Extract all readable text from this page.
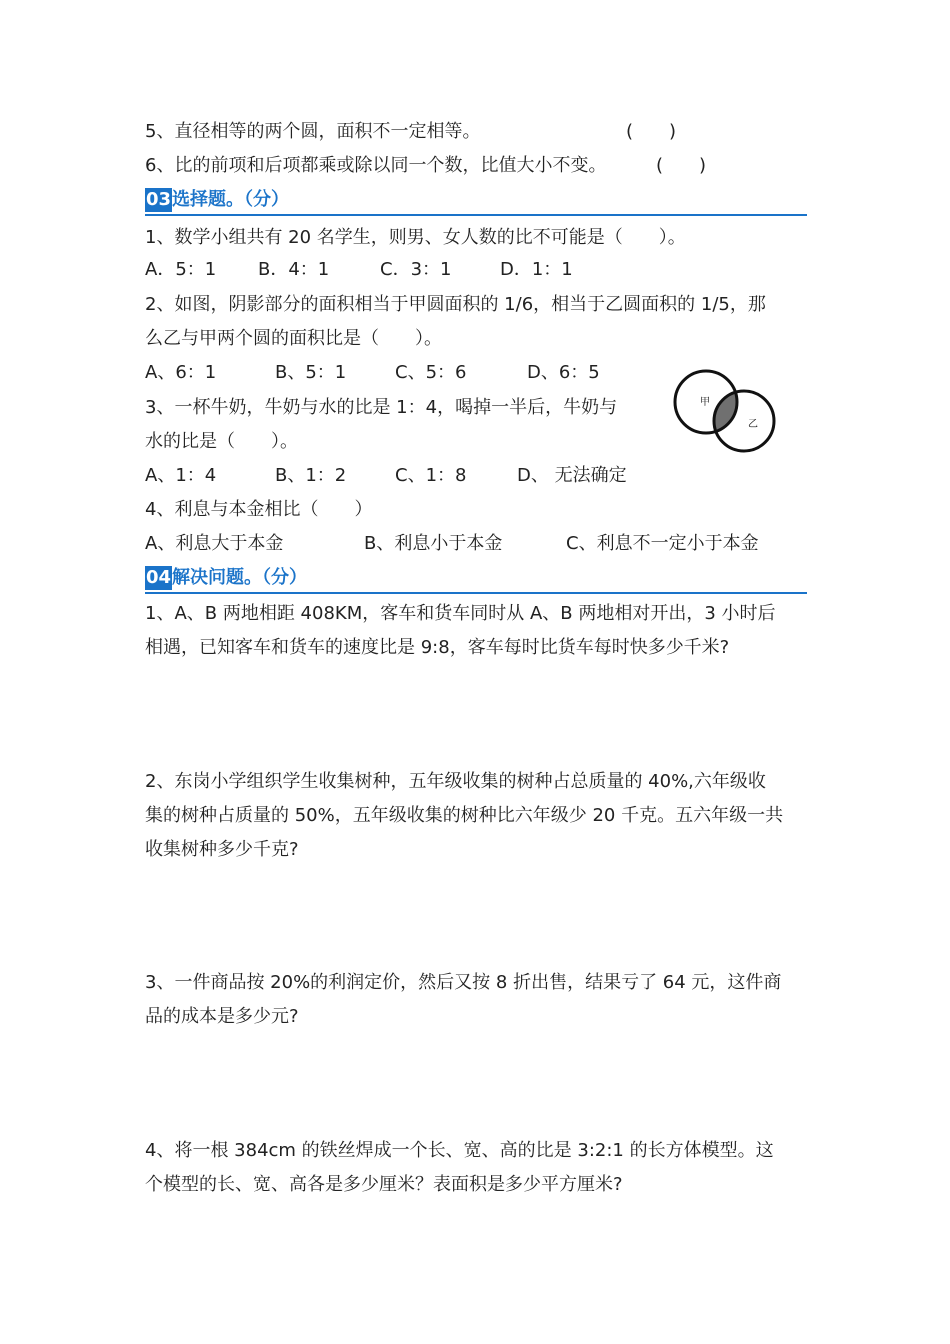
5、直径相等的两个圆，面积不一定相等。	(　　)
6、比的前项和后项都乘或除以同一个数，比值大小不变。	(　　)
03 选择题。（分）
1、数学小组共有 20 名学生，则男、女人数的比不可能是（　　）。
A．5：1 B．4：1	C．3：1	D．1：1
2、如图，阴影部分的面积相当于甲圆面积的 1/6，相当于乙圆面积的 1/5，那
么乙与甲两个圆的面积比是（　　）。
A、6：1	B、5：1	C、5：6	D、6：5
甲
乙
3、一杯牛奶，牛奶与水的比是 1：4，喝掉一半后，牛奶与
水的比是（　　）。
A、1：4	B、1：2	C、1：8	D、 无法确定
4、利息与本金相比（　　）
A、利息大于本金	B、利息小于本金	C、利息不一定小于本金
04 解决问题。（分）
1、A、B 两地相距 408KM，客车和货车同时从 A、B 两地相对开出，3 小时后
相遇，已知客车和货车的速度比是 9:8，客车每时比货车每时快多少千米?
2、东岗小学组织学生收集树种，五年级收集的树种占总质量的 40%,六年级收
集的树种占质量的 50%，五年级收集的树种比六年级少 20 千克。五六年级一共
收集树种多少千克?
3、一件商品按 20%的利润定价，然后又按 8 折出售，结果亏了 64 元，这件商
品的成本是多少元?
4、将一根 384cm 的铁丝焊成一个长、宽、高的比是 3:2:1 的长方体模型。这
个模型的长、宽、高各是多少厘米？表面积是多少平方厘米?
